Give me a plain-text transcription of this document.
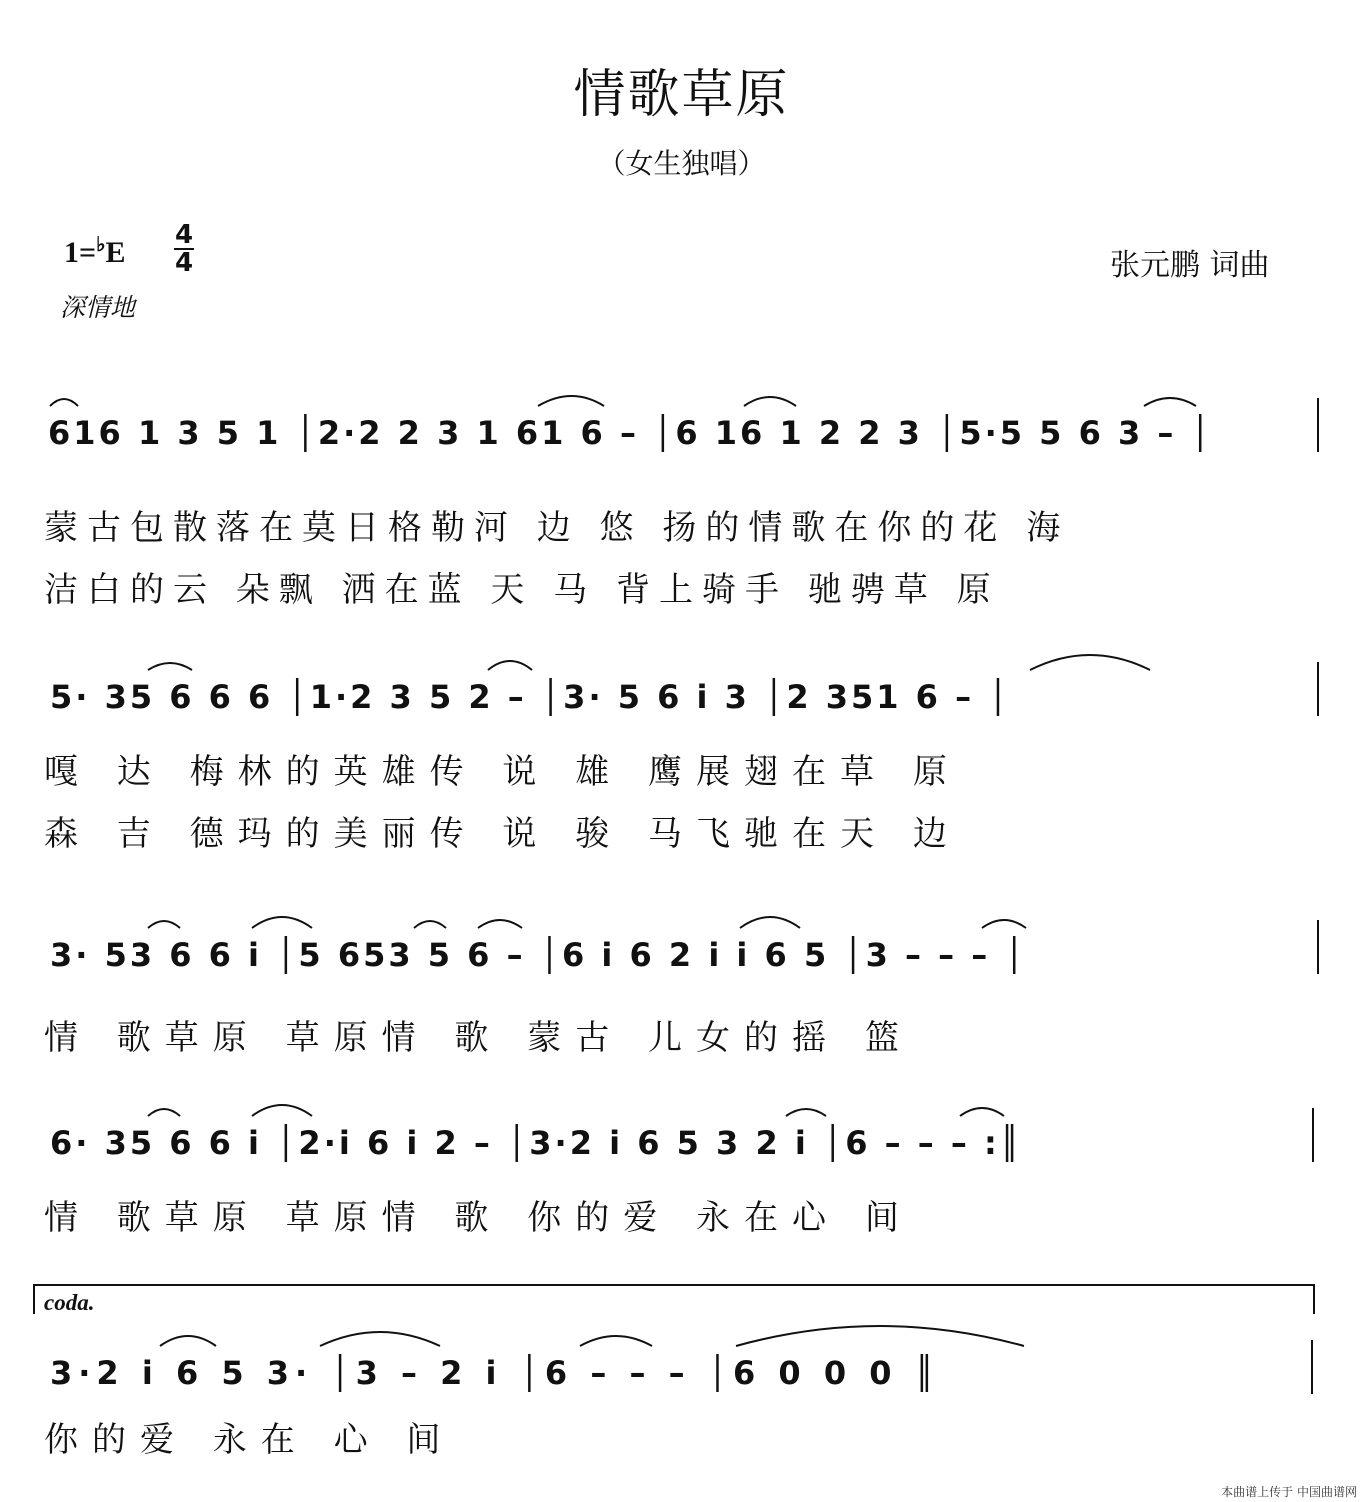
情歌草原
（女生独唱）
1=♭E
4
4
深情地
张元鹏 词曲
616 1 3 5 1 │2·2 2 3 1 61 6 – │6 16 1 2 2 3 │5·5 5 6 3 – │
蒙古包散落在莫日格勒河 边 悠 扬的情歌在你的花 海
洁白的云 朵飘 洒在蓝 天 马 背上骑手 驰骋草 原
5· 35 6 6 6 │1·2 3 5 2 – │3· 5 6 i 3 │2 351 6 – │
嘎 达 梅林的英雄传 说 雄 鹰展翅在草 原
森 吉 德玛的美丽传 说 骏 马飞驰在天 边
3· 53 6 6 i │5 653 5 6 – │6 i 6 2 i i 6 5 │3 – – – │
情 歌草原 草原情 歌 蒙古 儿女的摇 篮
6· 35 6 6 i │2·i 6 i 2 – │3·2 i 6 5 3 2 i │6 – – – :║
情 歌草原 草原情 歌 你的爱 永在心 间
coda.
3·2 i 6 5 3· │3 – 2 i │6 – – – │6 0 0 0 ║
你的爱 永在 心 间
本曲谱上传于 中国曲谱网
